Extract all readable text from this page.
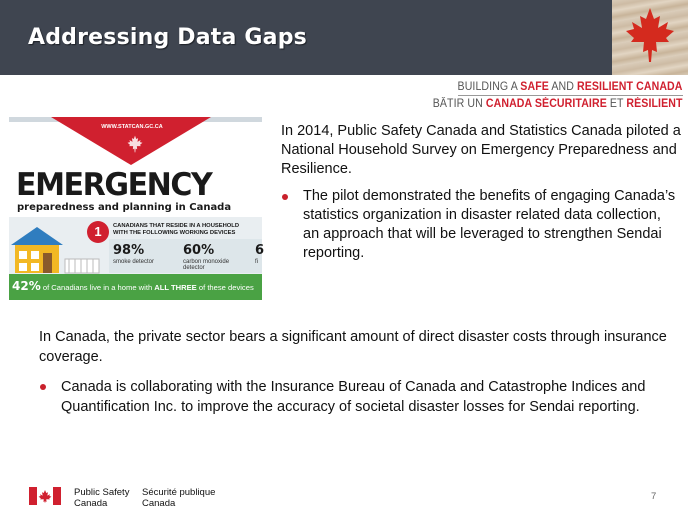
Addressing Data Gaps
BUILDING A SAFE AND RESILIENT CANADA
BÂTIR UN CANADA SÉCURITAIRE ET RÉSILIENT
WWW.STATCAN.GC.CA
EMERGENCY
preparedness and planning in Canada
1	CANADIANS THAT RESIDE IN A HOUSEHOLD
WITH THE FOLLOWING WORKING DEVICES
98%
smoke detector
60%
carbon monoxide
detector
6
fi
42% of Canadians live in a home with ALL THREE of these devices

In 2014, Public Safety Canada and Statistics Canada piloted a National Household Survey on Emergency Preparedness and Resilience.

The pilot demonstrated the benefits of engaging Canada’s statistics organization in disaster related data collection, an approach that will be leveraged to strengthen Sendai reporting.

In Canada, the private sector bears a significant amount of direct disaster costs through insurance coverage.

Canada is collaborating with the Insurance Bureau of Canada and Catastrophe Indices and Quantification Inc. to improve the accuracy of societal disaster losses for Sendai reporting.
Public Safety
Canada
Sécurité publique
Canada
7
